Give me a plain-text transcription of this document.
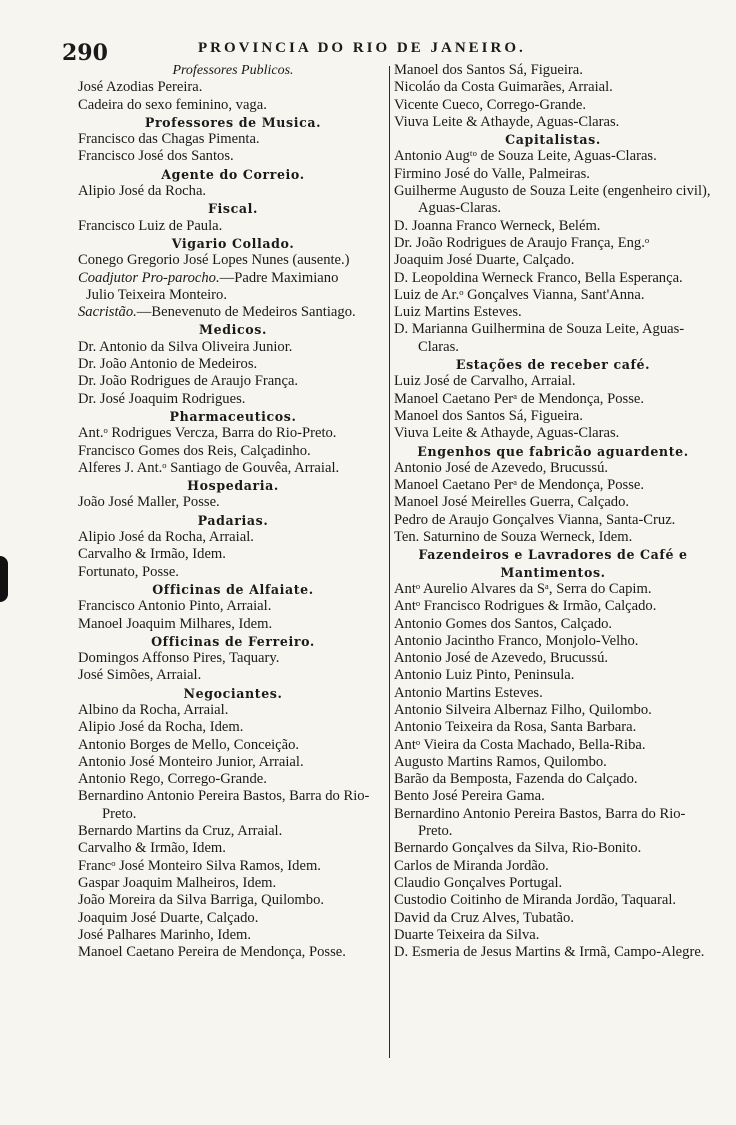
290	PROVINCIA DO RIO DE JANEIRO.
Professores Publicos.
José Azodias Pereira.
Cadeira do sexo feminino, vaga.
Professores de Musica.
Francisco das Chagas Pimenta.
Francisco José dos Santos.
Agente do Correio.
Alipio José da Rocha.
Fiscal.
Francisco Luiz de Paula.
Vigario Collado.
Conego Gregorio José Lopes Nunes (ausente.)
Coadjutor Pro-parocho.—Padre Maximiano
Julio Teixeira Monteiro.
Sacristão.—Benevenuto de Medeiros Santiago.
Medicos.
Dr. Antonio da Silva Oliveira Junior.
Dr. João Antonio de Medeiros.
Dr. João Rodrigues de Araujo França.
Dr. José Joaquim Rodrigues.
Pharmaceuticos.
Ant.ᵒ Rodrigues Vercza, Barra do Rio-Preto.
Francisco Gomes dos Reis, Calçadinho.
Alferes J. Ant.ᵒ Santiago de Gouvêa, Arraial.
Hospedaria.
João José Maller, Posse.
Padarias.
Alipio José da Rocha, Arraial.
Carvalho & Irmão, Idem.
Fortunato, Posse.
Officinas de Alfaiate.
Francisco Antonio Pinto, Arraial.
Manoel Joaquim Milhares, Idem.
Officinas de Ferreiro.
Domingos Affonso Pires, Taquary.
José Simões, Arraial.
Negociantes.
Albino da Rocha, Arraial.
Alipio José da Rocha, Idem.
Antonio Borges de Mello, Conceição.
Antonio José Monteiro Junior, Arraial.
Antonio Rego, Corrego-Grande.
Bernardino Antonio Pereira Bastos, Barra do Rio-Preto.
Bernardo Martins da Cruz, Arraial.
Carvalho & Irmão, Idem.
Francᵒ José Monteiro Silva Ramos, Idem.
Gaspar Joaquim Malheiros, Idem.
João Moreira da Silva Barriga, Quilombo.
Joaquim José Duarte, Calçado.
José Palhares Marinho, Idem.
Manoel Caetano Pereira de Mendonça, Posse.
Manoel dos Santos Sá, Figueira.
Nicoláo da Costa Guimarães, Arraial.
Vicente Cueco, Corrego-Grande.
Viuva Leite & Athayde, Aguas-Claras.
Capitalistas.
Antonio Augᵗᵒ de Souza Leite, Aguas-Claras.
Firmino José do Valle, Palmeiras.
Guilherme Augusto de Souza Leite (engenheiro civil), Aguas-Claras.
D. Joanna Franco Werneck, Belém.
Dr. João Rodrigues de Araujo França, Eng.ᵒ
Joaquim José Duarte, Calçado.
D. Leopoldina Werneck Franco, Bella Esperança.
Luiz de Ar.ᵒ Gonçalves Vianna, Sant'Anna.
Luiz Martins Esteves.
D. Marianna Guilhermina de Souza Leite, Aguas-Claras.
Estações de receber café.
Luiz José de Carvalho, Arraial.
Manoel Caetano Perᵃ de Mendonça, Posse.
Manoel dos Santos Sá, Figueira.
Viuva Leite & Athayde, Aguas-Claras.
Engenhos que fabricão aguardente.
Antonio José de Azevedo, Brucussú.
Manoel Caetano Perᵃ de Mendonça, Posse.
Manoel José Meirelles Guerra, Calçado.
Pedro de Araujo Gonçalves Vianna, Santa-Cruz.
Ten. Saturnino de Souza Werneck, Idem.
Fazendeiros e Lavradores de Café e Mantimentos.
Antᵒ Aurelio Alvares da Sᵃ, Serra do Capim.
Antᵒ Francisco Rodrigues & Irmão, Calçado.
Antonio Gomes dos Santos, Calçado.
Antonio Jacintho Franco, Monjolo-Velho.
Antonio José de Azevedo, Brucussú.
Antonio Luiz Pinto, Peninsula.
Antonio Martins Esteves.
Antonio Silveira Albernaz Filho, Quilombo.
Antonio Teixeira da Rosa, Santa Barbara.
Antᵒ Vieira da Costa Machado, Bella-Riba.
Augusto Martins Ramos, Quilombo.
Barão da Bemposta, Fazenda do Calçado.
Bento José Pereira Gama.
Bernardino Antonio Pereira Bastos, Barra do Rio-Preto.
Bernardo Gonçalves da Silva, Rio-Bonito.
Carlos de Miranda Jordão.
Claudio Gonçalves Portugal.
Custodio Coitinho de Miranda Jordão, Taquaral.
David da Cruz Alves, Tubatão.
Duarte Teixeira da Silva.
D. Esmeria de Jesus Martins & Irmã, Campo-Alegre.
